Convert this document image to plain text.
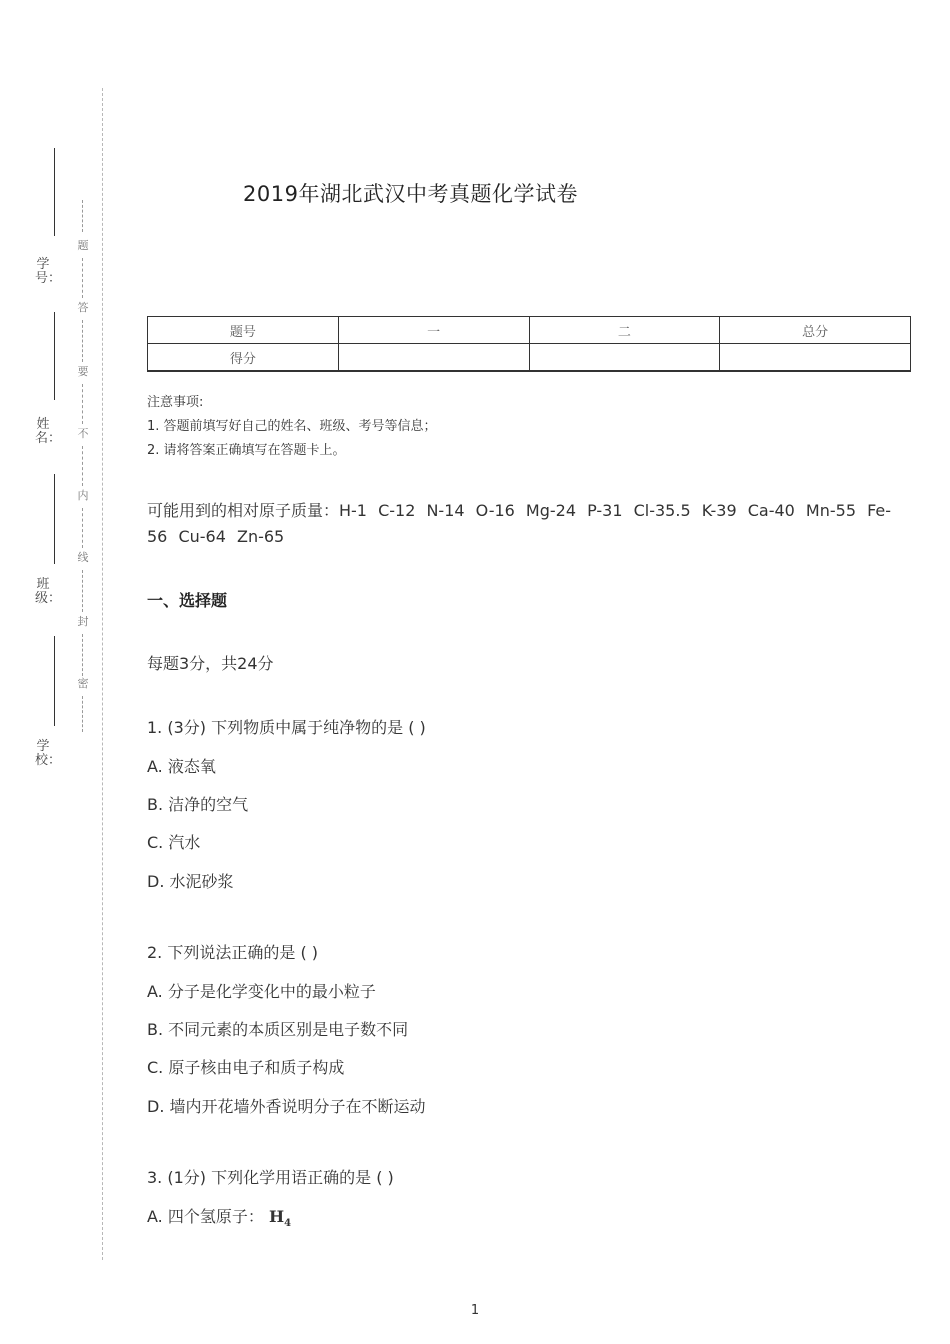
学号：
姓名：
班级：
学校：
题
答
要
不
内
线
封
密
2019年湖北武汉中考真题化学试卷
题号	一	二	总分
得分			
注意事项:
1. 答题前填写好自己的姓名、班级、考号等信息；
2. 请将答案正确填写在答题卡上。
可能用到的相对原子质量：H-1 C-12 N-14 O-16 Mg-24 P-31 Cl-35.5 K-39 Ca-40 Mn-55 Fe-56 Cu-64 Zn-65
一、选择题
每题3分，共24分
1. (3分) 下列物质中属于纯净物的是 ( )
A. 液态氧
B. 洁净的空气
C. 汽水
D. 水泥砂浆
2. 下列说法正确的是 ( )
A. 分子是化学变化中的最小粒子
B. 不同元素的本质区别是电子数不同
C. 原子核由电子和质子构成
D. 墙内开花墙外香说明分子在不断运动
3. (1分) 下列化学用语正确的是 ( )
A. 四个氢原子： $H_4$
1
